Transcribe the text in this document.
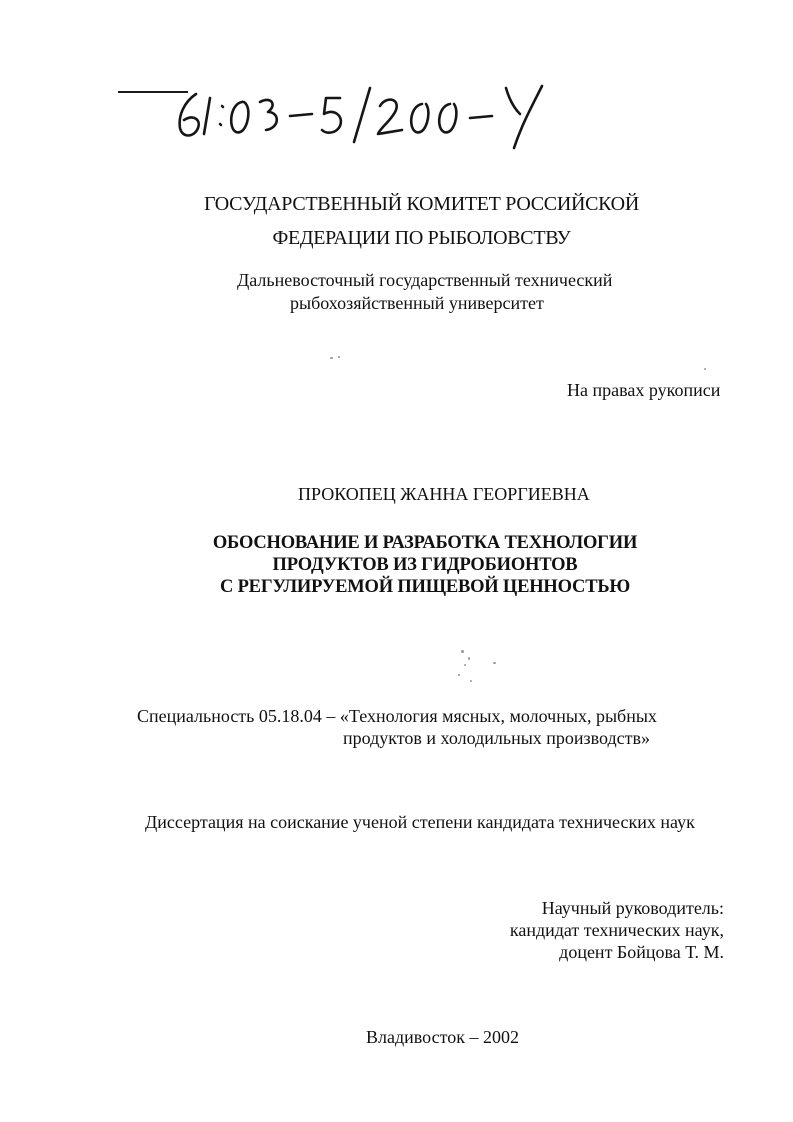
ГОСУДАРСТВЕННЫЙ КОМИТЕТ РОССИЙСКОЙ
ФЕДЕРАЦИИ ПО РЫБОЛОВСТВУ
Дальневосточный государственный технический
рыбохозяйственный университет
На правах рукописи
ПРОКОПЕЦ ЖАННА ГЕОРГИЕВНА
ОБОСНОВАНИЕ И РАЗРАБОТКА ТЕХНОЛОГИИ
ПРОДУКТОВ ИЗ ГИДРОБИОНТОВ
С РЕГУЛИРУЕМОЙ ПИЩЕВОЙ ЦЕННОСТЬЮ
Специальность 05.18.04 – «Технология мясных, молочных, рыбных
продуктов и холодильных производств»
Диссертация на соискание ученой степени кандидата технических наук
Научный руководитель:
кандидат технических наук,
доцент Бойцова Т. М.
Владивосток – 2002
